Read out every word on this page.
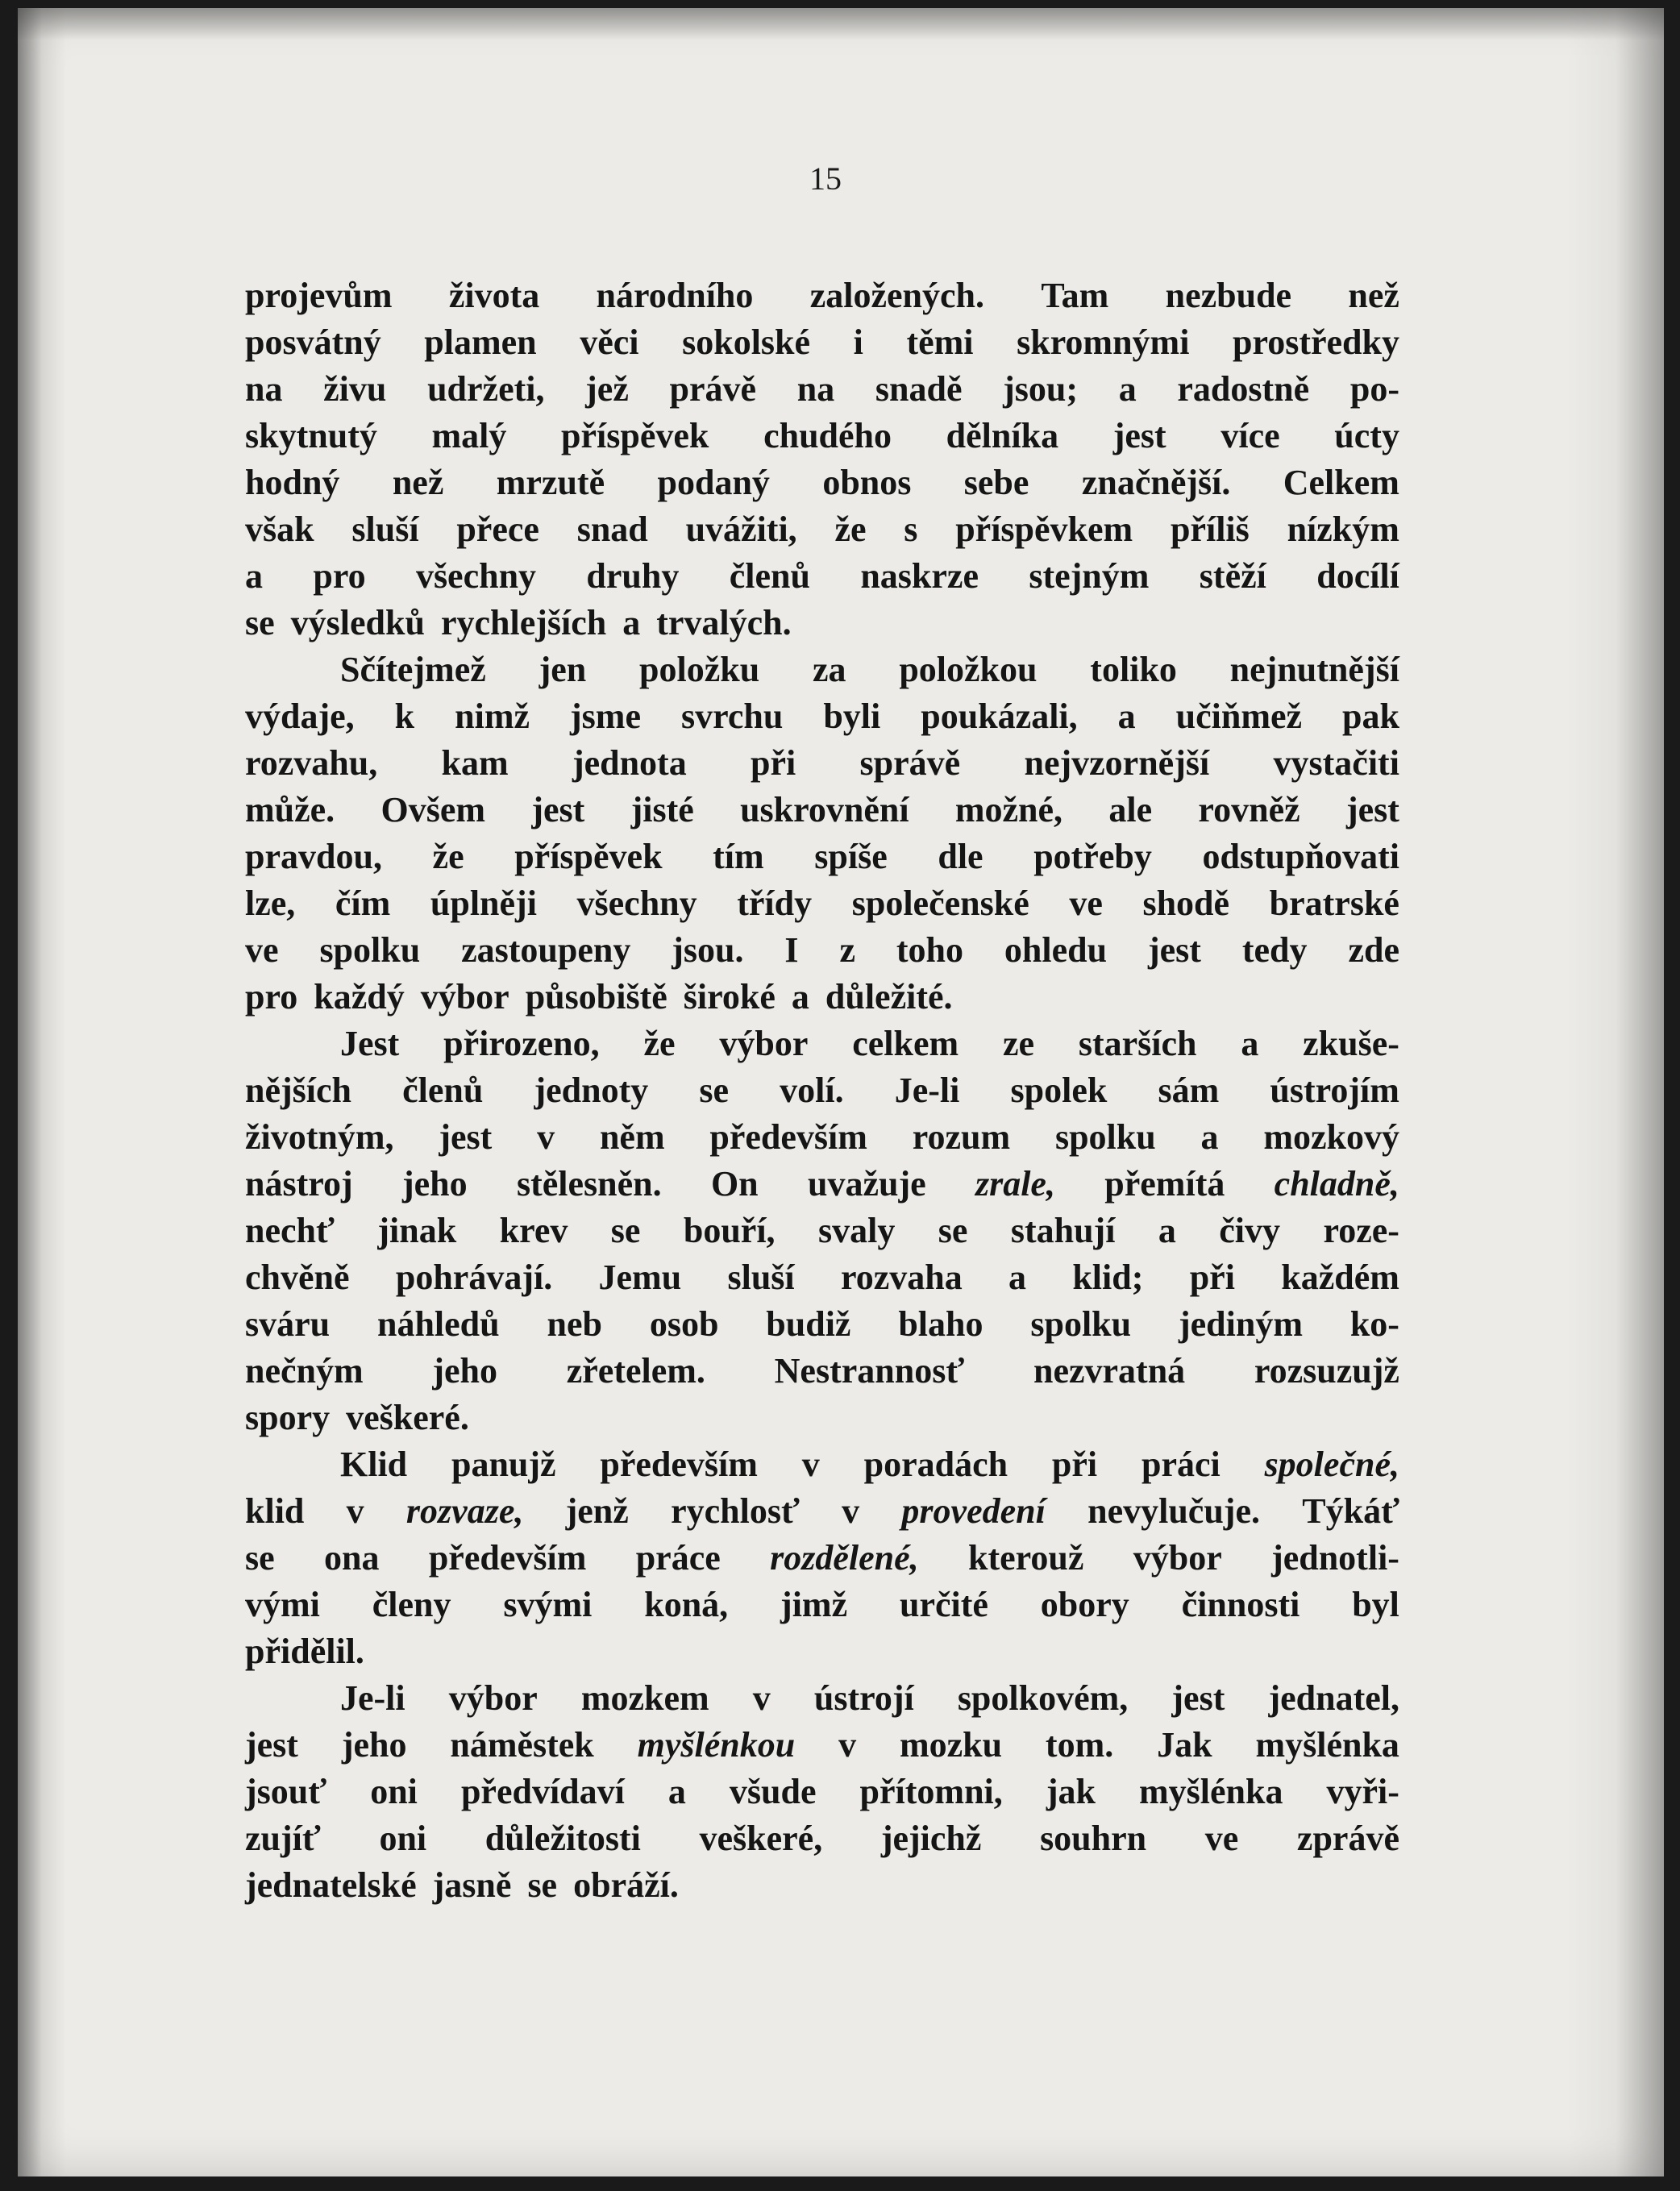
15
projevům života národního založených. Tam nezbude než
posvátný plamen věci sokolské i těmi skromnými prostředky
na živu udržeti, jež právě na snadě jsou; a radostně po-
skytnutý malý příspěvek chudého dělníka jest více úcty
hodný než mrzutě podaný obnos sebe značnější. Celkem
však sluší přece snad uvážiti, že s příspěvkem příliš nízkým
a pro všechny druhy členů naskrze stejným stěží docílí
se výsledků rychlejších a trvalých.
Sčítejmež jen položku za položkou toliko nejnutnější
výdaje, k nimž jsme svrchu byli poukázali, a učiňmež pak
rozvahu, kam jednota při správě nejvzornější vystačiti
může. Ovšem jest jisté uskrovnění možné, ale rovněž jest
pravdou, že příspěvek tím spíše dle potřeby odstupňovati
lze, čím úplněji všechny třídy společenské ve shodě bratrské
ve spolku zastoupeny jsou. I z toho ohledu jest tedy zde
pro každý výbor působiště široké a důležité.
Jest přirozeno, že výbor celkem ze starších a zkuše-
nějších členů jednoty se volí. Je-li spolek sám ústrojím
životným, jest v něm především rozum spolku a mozkový
nástroj jeho stělesněn. On uvažuje zrale, přemítá chladně,
nechť jinak krev se bouří, svaly se stahují a čivy roze-
chvěně pohrávají. Jemu sluší rozvaha a klid; při každém
sváru náhledů neb osob budiž blaho spolku jediným ko-
nečným jeho zřetelem. Nestrannosť nezvratná rozsuzujž
spory veškeré.
Klid panujž především v poradách při práci společné,
klid v rozvaze, jenž rychlosť v provedení nevylučuje. Týkáť
se ona především práce rozdělené, kterouž výbor jednotli-
vými členy svými koná, jimž určité obory činnosti byl
přidělil.
Je-li výbor mozkem v ústrojí spolkovém, jest jednatel,
jest jeho náměstek myšlénkou v mozku tom. Jak myšlénka
jsouť oni předvídaví a všude přítomni, jak myšlénka vyři-
zujíť oni důležitosti veškeré, jejichž souhrn ve zprávě
jednatelské jasně se obráží.
